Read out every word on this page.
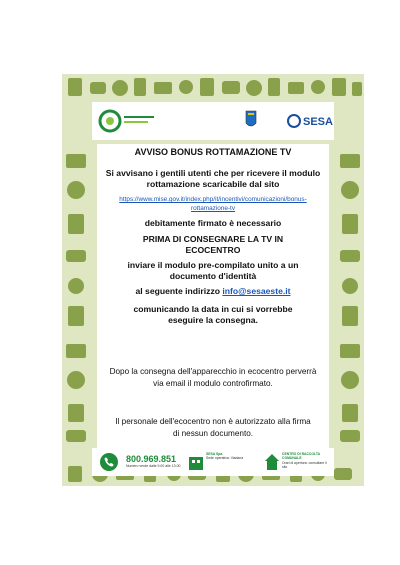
SESA
AVVISO BONUS ROTTAMAZIONE TV

Si avvisano i gentili utenti che per ricevere il modulo rottamazione scaricabile dal sito

https://www.mise.gov.it/index.php/it/incentivi/comunicazioni/bonus-rottamazione-tv

debitamente firmato è necessario

PRIMA DI CONSEGNARE LA TV IN ECOCENTRO

inviare il modulo pre-compilato unito a un documento d'identità

al seguente indirizzo info@sesaeste.it

comunicando la data in cui si vorrebbe eseguire la consegna.

Dopo la consegna dell'apparecchio in ecocentro perverrà via email il modulo controfirmato.

Il personale dell'ecocentro non è autorizzato alla firma di nessun documento.

800.969.851
Numero verde dalle 9.00 alle 13.00
SESA Spa
Sede operativa: Viadana
CENTRO DI RACCOLTA COMUNALE
Orari di apertura: consultare il sito
